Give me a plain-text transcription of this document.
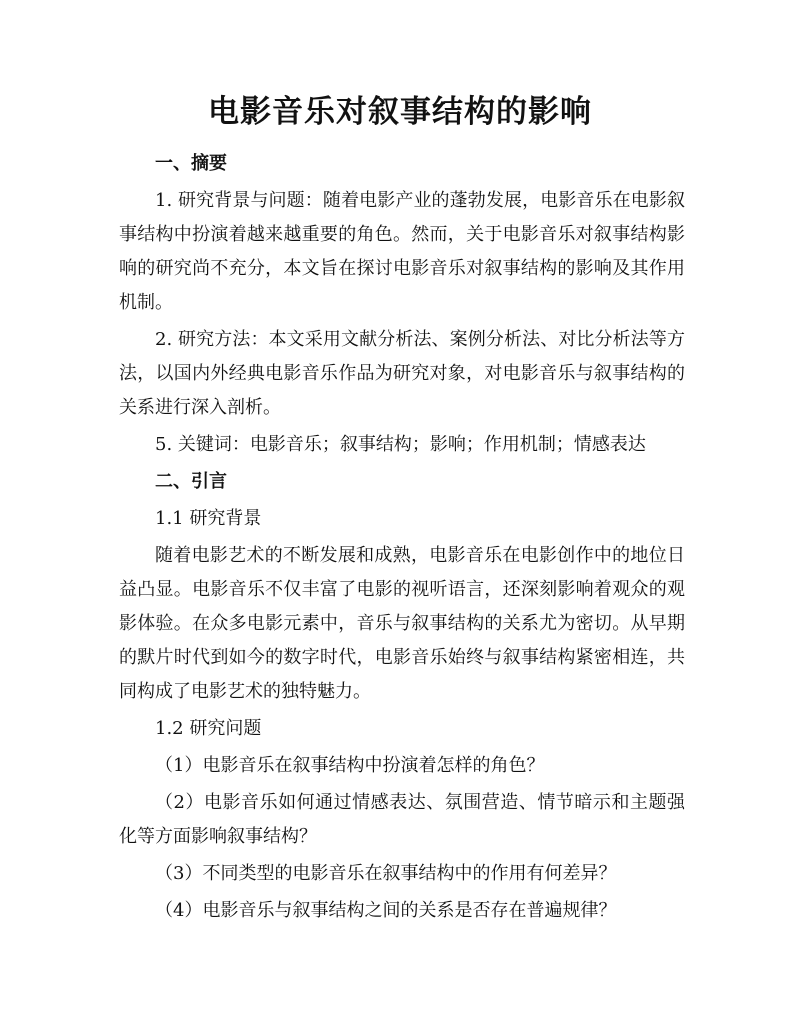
电影音乐对叙事结构的影响

一、摘要

1. 研究背景与问题：随着电影产业的蓬勃发展，电影音乐在电影叙事结构中扮演着越来越重要的角色。然而，关于电影音乐对叙事结构影响的研究尚不充分，本文旨在探讨电影音乐对叙事结构的影响及其作用机制。

2. 研究方法：本文采用文献分析法、案例分析法、对比分析法等方法，以国内外经典电影音乐作品为研究对象，对电影音乐与叙事结构的关系进行深入剖析。

5. 关键词：电影音乐；叙事结构；影响；作用机制；情感表达

二、引言

1.1 研究背景

随着电影艺术的不断发展和成熟，电影音乐在电影创作中的地位日益凸显。电影音乐不仅丰富了电影的视听语言，还深刻影响着观众的观影体验。在众多电影元素中，音乐与叙事结构的关系尤为密切。从早期的默片时代到如今的数字时代，电影音乐始终与叙事结构紧密相连，共同构成了电影艺术的独特魅力。

1.2 研究问题

（1）电影音乐在叙事结构中扮演着怎样的角色？

（2）电影音乐如何通过情感表达、氛围营造、情节暗示和主题强化等方面影响叙事结构？

（3）不同类型的电影音乐在叙事结构中的作用有何差异？

（4）电影音乐与叙事结构之间的关系是否存在普遍规律？
